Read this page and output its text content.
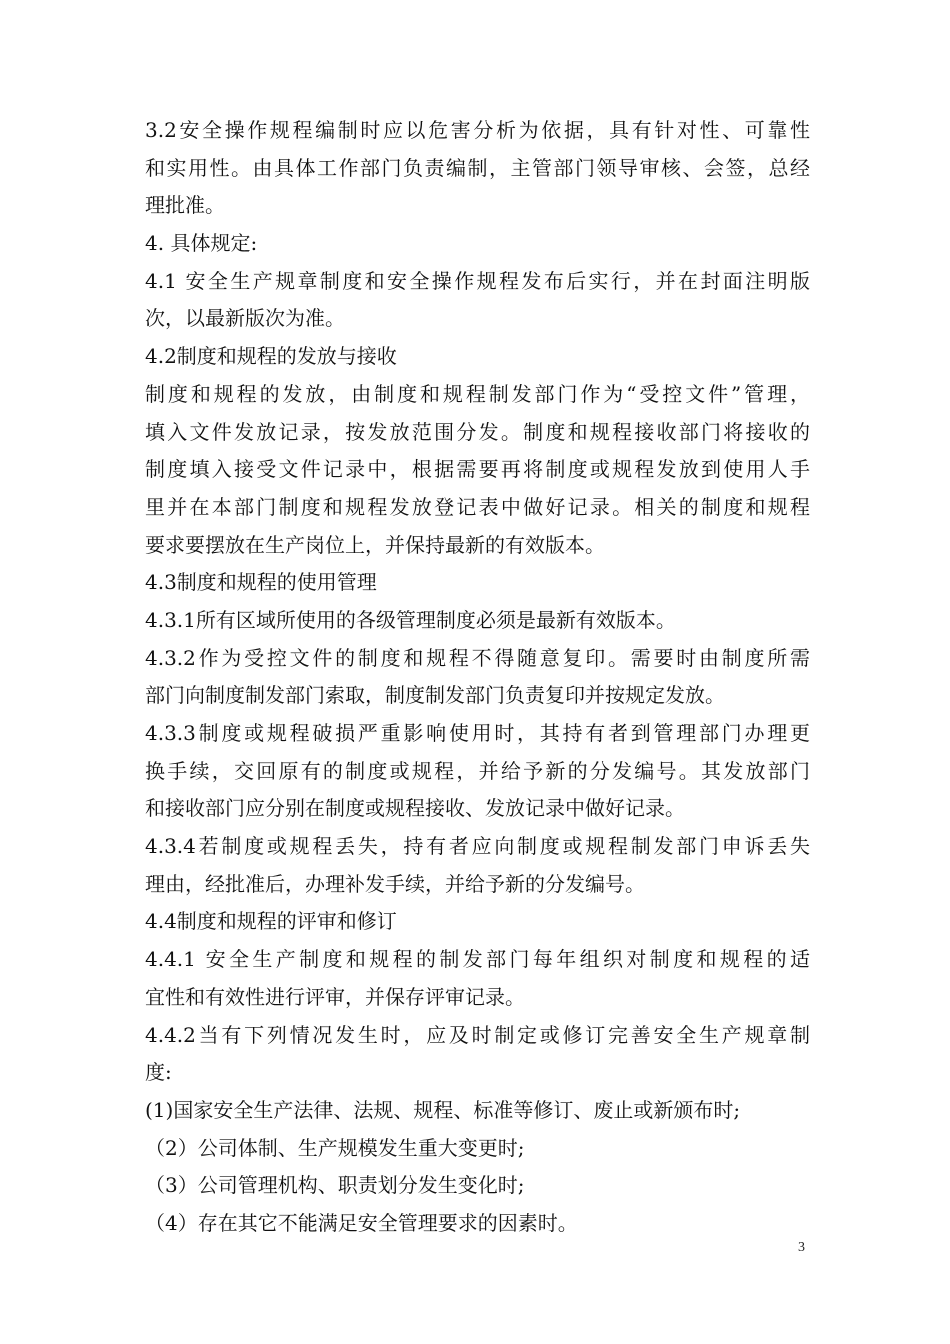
3.2安全操作规程编制时应以危害分析为依据，具有针对性、可靠性
和实用性。由具体工作部门负责编制，主管部门领导审核、会签，总经
理批准。
4. 具体规定:
4.1 安全生产规章制度和安全操作规程发布后实行，并在封面注明版
次，以最新版次为准。
4.2制度和规程的发放与接收
制度和规程的发放，由制度和规程制发部门作为“受控文件”管理，
填入文件发放记录，按发放范围分发。制度和规程接收部门将接收的
制度填入接受文件记录中，根据需要再将制度或规程发放到使用人手
里并在本部门制度和规程发放登记表中做好记录。相关的制度和规程
要求要摆放在生产岗位上，并保持最新的有效版本。
4.3制度和规程的使用管理
4.3.1所有区域所使用的各级管理制度必须是最新有效版本。
4.3.2作为受控文件的制度和规程不得随意复印。需要时由制度所需
部门向制度制发部门索取，制度制发部门负责复印并按规定发放。
4.3.3制度或规程破损严重影响使用时，其持有者到管理部门办理更
换手续，交回原有的制度或规程，并给予新的分发编号。其发放部门
和接收部门应分别在制度或规程接收、发放记录中做好记录。
4.3.4若制度或规程丢失，持有者应向制度或规程制发部门申诉丢失
理由，经批准后，办理补发手续，并给予新的分发编号。
4.4制度和规程的评审和修订
4.4.1 安全生产制度和规程的制发部门每年组织对制度和规程的适
宜性和有效性进行评审，并保存评审记录。
4.4.2当有下列情况发生时，应及时制定或修订完善安全生产规章制
度:
(1)国家安全生产法律、法规、规程、标准等修订、废止或新颁布时;
（2）公司体制、生产规模发生重大变更时;
（3）公司管理机构、职责划分发生变化时;
（4）存在其它不能满足安全管理要求的因素时。
3
